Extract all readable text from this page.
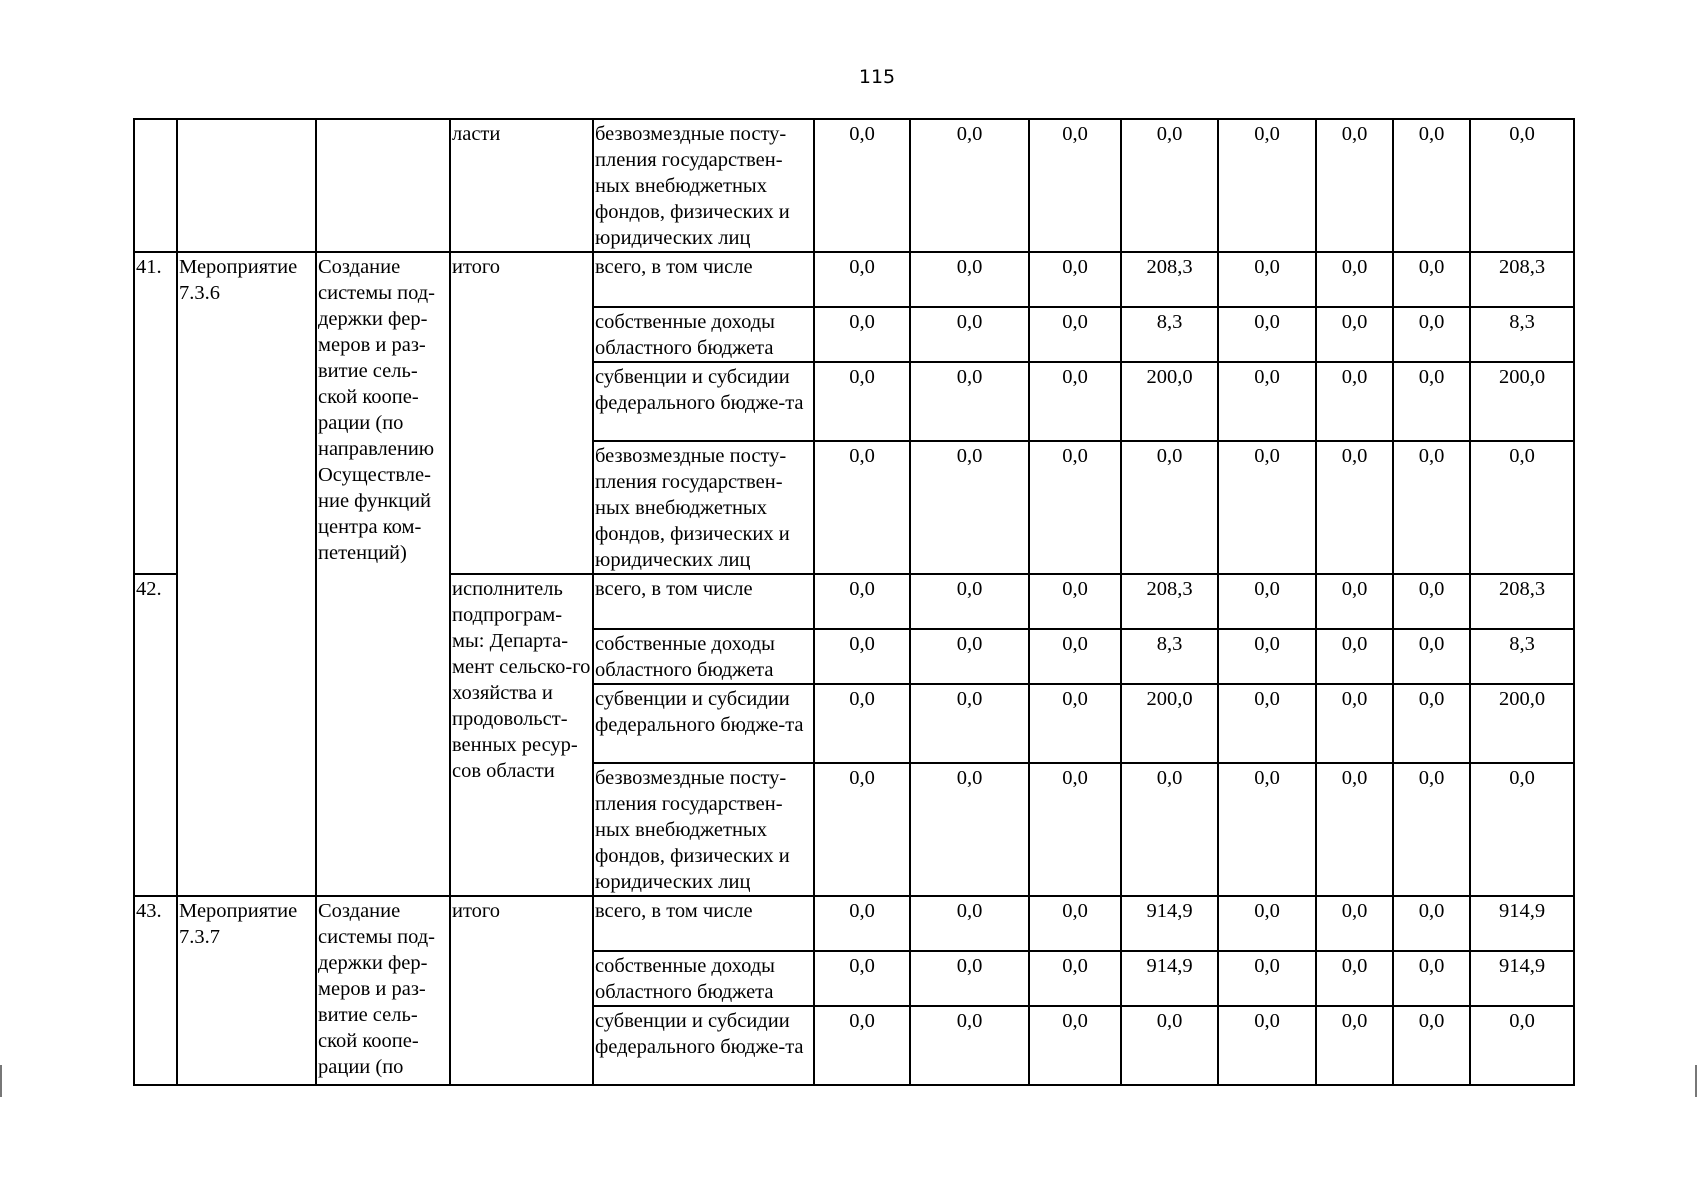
115
			ласти	безвозмездные посту-пления государствен-ных внебюджетных фондов, физических и юридических лиц	0,0	0,0	0,0	0,0	0,0	0,0	0,0	0,0
41.	Мероприятие 7.3.6	Создание системы под-держки фер-меров и раз-витие сель-ской коопе-рации (по направлению Осуществле-ние функций центра ком-петенций)	итого	всего, в том числе	0,0	0,0	0,0	208,3	0,0	0,0	0,0	208,3
				собственные доходы областного бюджета	0,0	0,0	0,0	8,3	0,0	0,0	0,0	8,3
				субвенции и субсидии федерального бюдже-та	0,0	0,0	0,0	200,0	0,0	0,0	0,0	200,0
				безвозмездные посту-пления государствен-ных внебюджетных фондов, физических и юридических лиц	0,0	0,0	0,0	0,0	0,0	0,0	0,0	0,0
42.			исполнитель подпрограм-мы: Департа-мент сельско-го хозяйства и продовольст-венных ресур-сов области	всего, в том числе	0,0	0,0	0,0	208,3	0,0	0,0	0,0	208,3
				собственные доходы областного бюджета	0,0	0,0	0,0	8,3	0,0	0,0	0,0	8,3
				субвенции и субсидии федерального бюдже-та	0,0	0,0	0,0	200,0	0,0	0,0	0,0	200,0
				безвозмездные посту-пления государствен-ных внебюджетных фондов, физических и юридических лиц	0,0	0,0	0,0	0,0	0,0	0,0	0,0	0,0
43.	Мероприятие 7.3.7	Создание системы под-держки фер-меров и раз-витие сель-ской коопе-рации (по	итого	всего, в том числе	0,0	0,0	0,0	914,9	0,0	0,0	0,0	914,9
				собственные доходы областного бюджета	0,0	0,0	0,0	914,9	0,0	0,0	0,0	914,9
				субвенции и субсидии федерального бюдже-та	0,0	0,0	0,0	0,0	0,0	0,0	0,0	0,0
